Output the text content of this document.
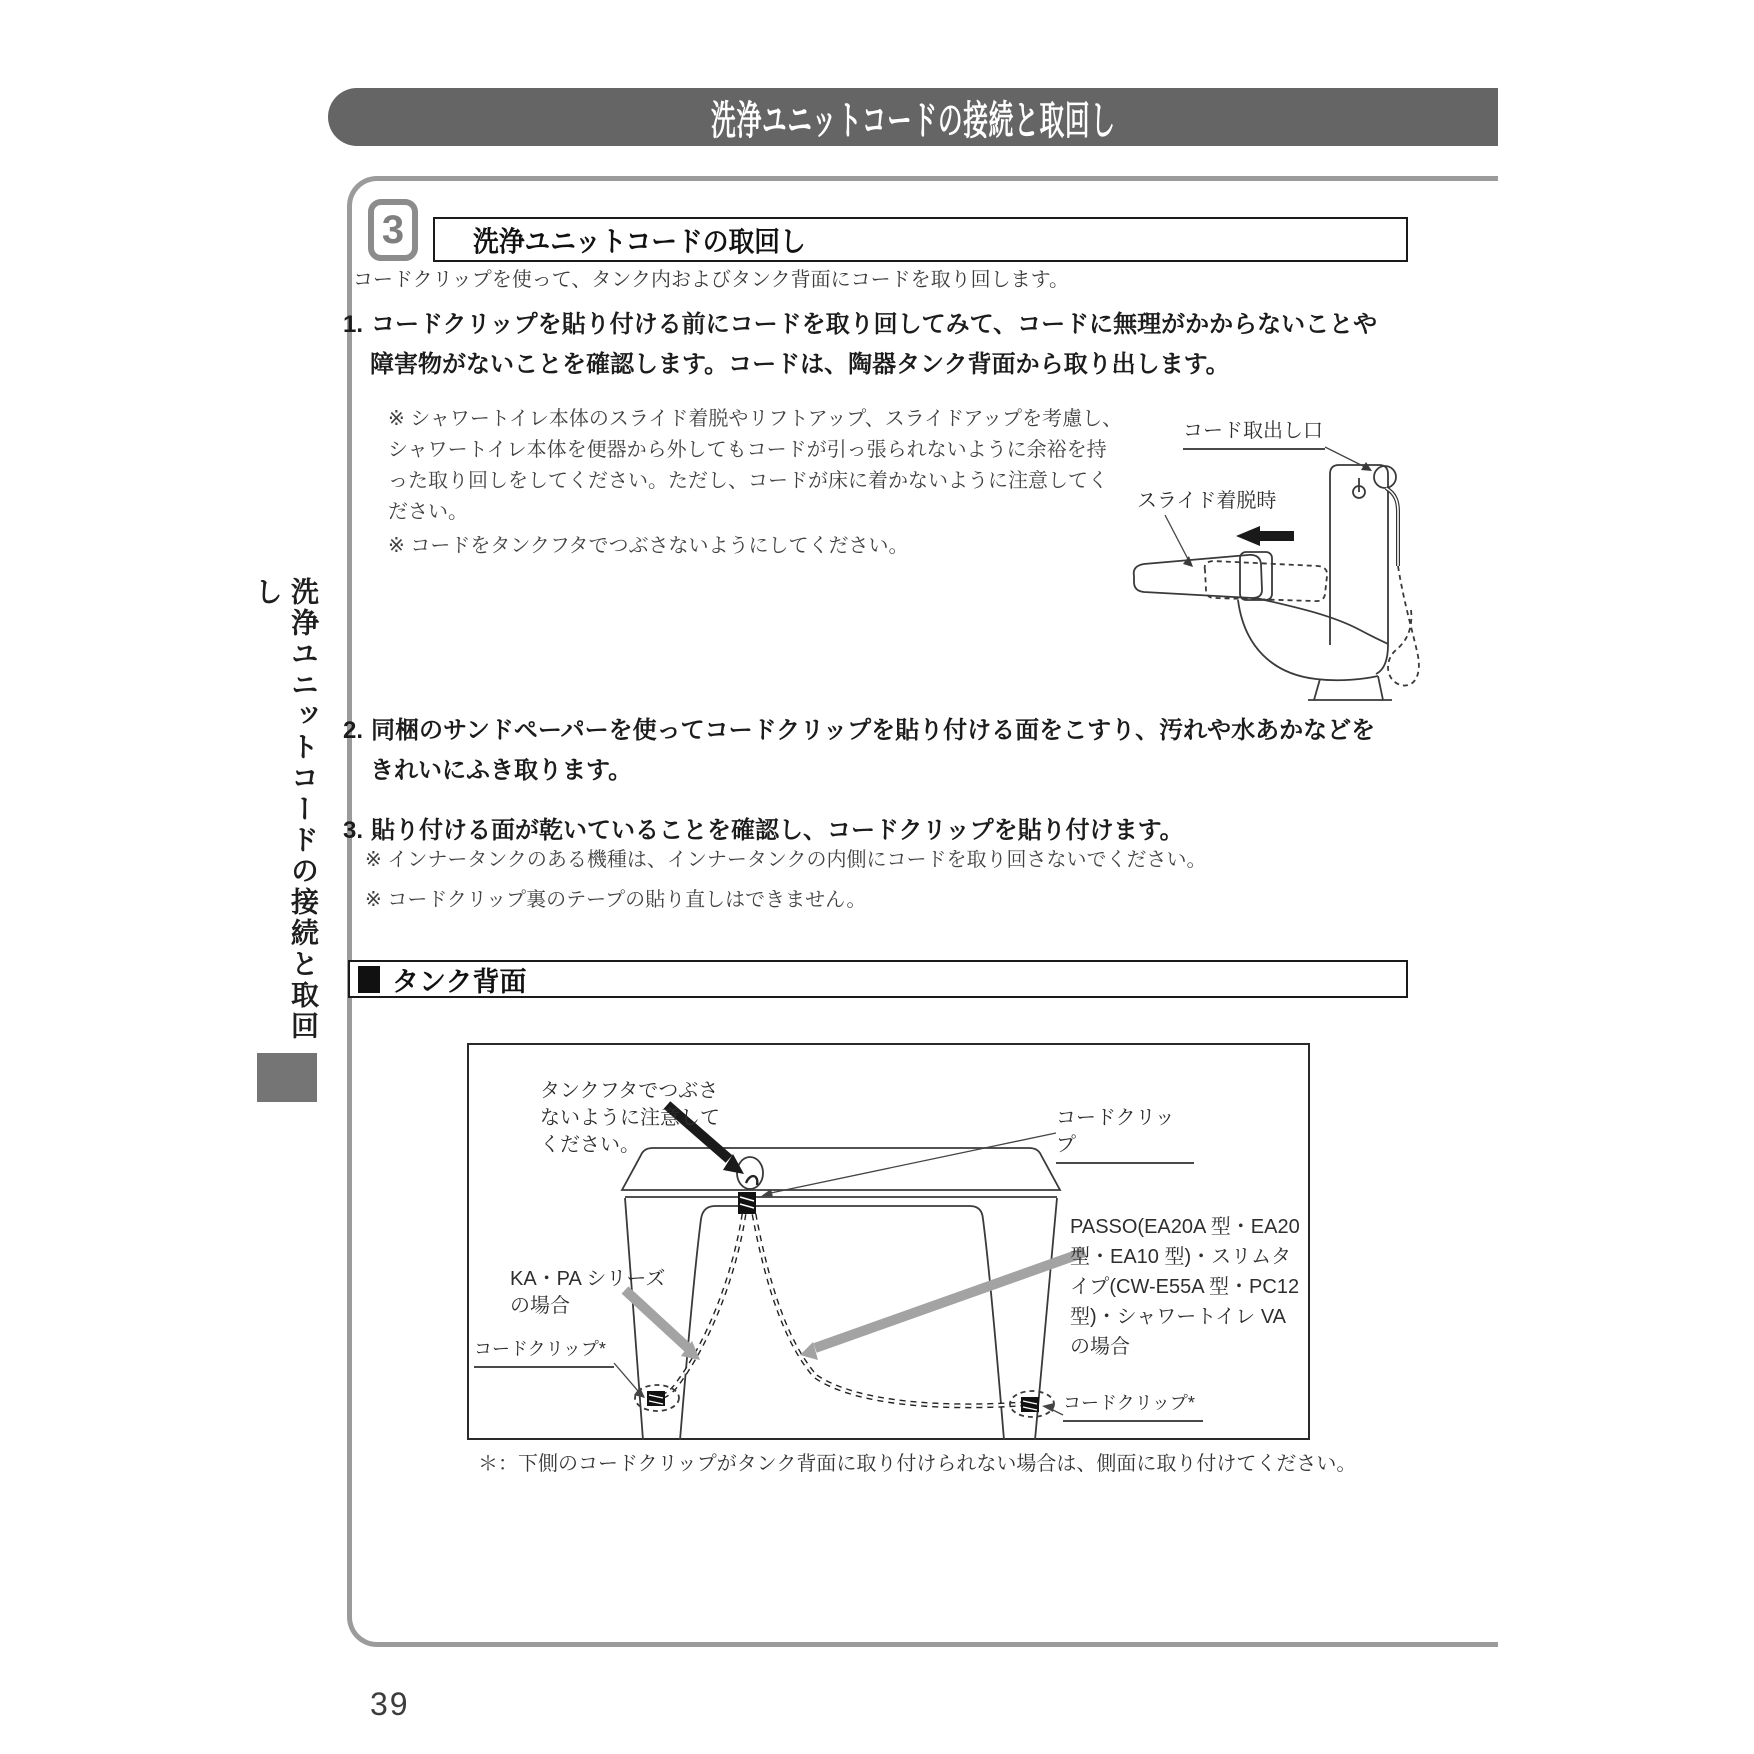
洗浄ユニットコードの接続と取回し
洗浄ユニットコードの接続と取回し
3	洗浄ユニットコードの取回し
コードクリップを使って、タンク内およびタンク背面にコードを取り回します。
1. コードクリップを貼り付ける前にコードを取り回してみて、コードに無理がかからないことや障害物がないことを確認します。コードは、陶器タンク背面から取り出します。
※ シャワートイレ本体のスライド着脱やリフトアップ、スライドアップを考慮し、シャワートイレ本体を便器から外してもコードが引っ張られないように余裕を持った取り回しをしてください。ただし、コードが床に着かないように注意してください。
※ コードをタンクフタでつぶさないようにしてください。
コード取出し口
スライド着脱時
2. 同梱のサンドペーパーを使ってコードクリップを貼り付ける面をこすり、汚れや水あかなどをきれいにふき取ります。
3. 貼り付ける面が乾いていることを確認し、コードクリップを貼り付けます。
※ インナータンクのある機種は、インナータンクの内側にコードを取り回さないでください。
※ コードクリップ裏のテープの貼り直しはできません。
タンク背面
タンクフタでつぶさないように注意してください。
コードクリップ
KA・PA シリーズの場合
コードクリップ*
PASSO(EA20A 型・EA20 型・EA10 型)・スリムタイプ(CW-E55A 型・PC12 型)・シャワートイレ VA の場合
コードクリップ*
＊：下側のコードクリップがタンク背面に取り付けられない場合は、側面に取り付けてください。
39
